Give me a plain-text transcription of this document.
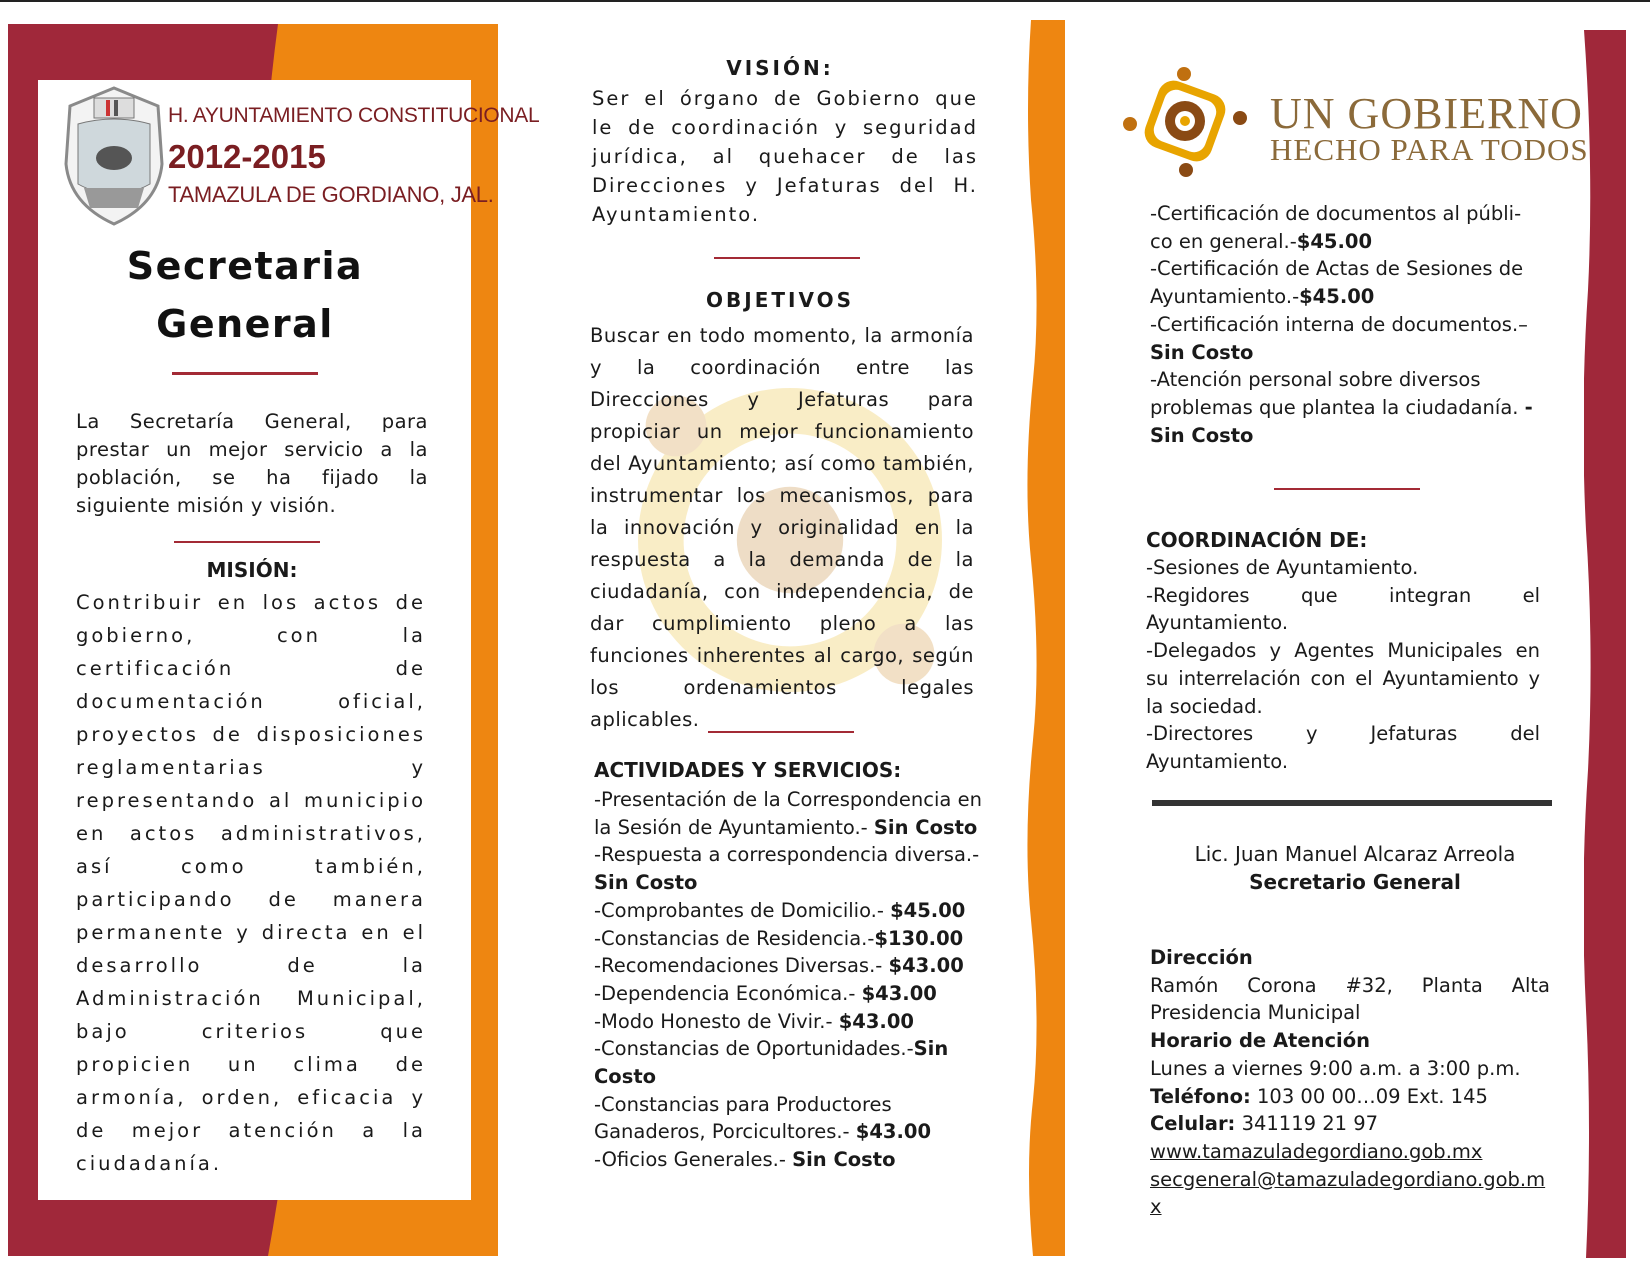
H. AYUNTAMIENTO CONSTITUCIONAL
2012-2015
TAMAZULA DE GORDIANO, JAL.
Secretaria
General
La Secretaría General, para prestar un mejor servicio a la población, se ha fijado la siguiente misión y visión.
MISIÓN:
Contribuir en los actos de gobierno, con la certificación de documentación oficial, proyectos de disposiciones reglamentarias y representando al municipio en actos administrativos, así como también, participando de manera permanente y directa en el desarrollo de la Administración Municipal, bajo criterios que propicien un clima de armonía, orden, eficacia y de mejor atención a la ciudadanía.
VISIÓN:
Ser el órgano de Gobierno que le de coordinación y seguridad jurídica, al quehacer de las Direcciones y Jefaturas del H. Ayuntamiento.
OBJETIVOS
Buscar en todo momento, la armonía y la coordinación entre las Direcciones y Jefaturas para propiciar un mejor funcionamiento del Ayuntamiento; así como también, instrumentar los mecanismos, para la innovación y originalidad en la respuesta a la demanda de la ciudadanía, con independencia, de dar cumplimiento pleno a las funciones inherentes al cargo, según los ordenamientos legales aplicables.
ACTIVIDADES Y SERVICIOS:
-Presentación de la Correspondencia en la Sesión de Ayuntamiento.- Sin Costo
-Respuesta a correspondencia diversa.- Sin Costo
-Comprobantes de Domicilio.- $45.00
-Constancias de Residencia.-$130.00
-Recomendaciones Diversas.- $43.00
-Dependencia Económica.- $43.00
-Modo Honesto de Vivir.- $43.00
-Constancias de Oportunidades.-Sin Costo
-Constancias para Productores Ganaderos, Porcicultores.- $43.00
-Oficios Generales.- Sin Costo
UN GOBIERNO
HECHO PARA TODOS
-Certificación de documentos al públi-co en general.-$45.00
-Certificación de Actas de Sesiones de Ayuntamiento.-$45.00
-Certificación interna de documentos.– Sin Costo
-Atención personal sobre diversos problemas que plantea la ciudadanía. - Sin Costo
COORDINACIÓN DE:
-Sesiones de Ayuntamiento.
-Regidores que integran el Ayuntamiento.
-Delegados y Agentes Municipales en su interrelación con el Ayuntamiento y la sociedad.
-Directores y Jefaturas del Ayuntamiento.
Lic. Juan Manuel Alcaraz Arreola
Secretario General
Dirección
Ramón Corona #32, Planta Alta Presidencia Municipal
Horario de Atención
Lunes a viernes 9:00 a.m. a 3:00 p.m.
Teléfono: 103 00 00…09 Ext. 145
Celular: 341119 21 97
www.tamazuladegordiano.gob.mx
secgeneral@tamazuladegordiano.gob.mx
